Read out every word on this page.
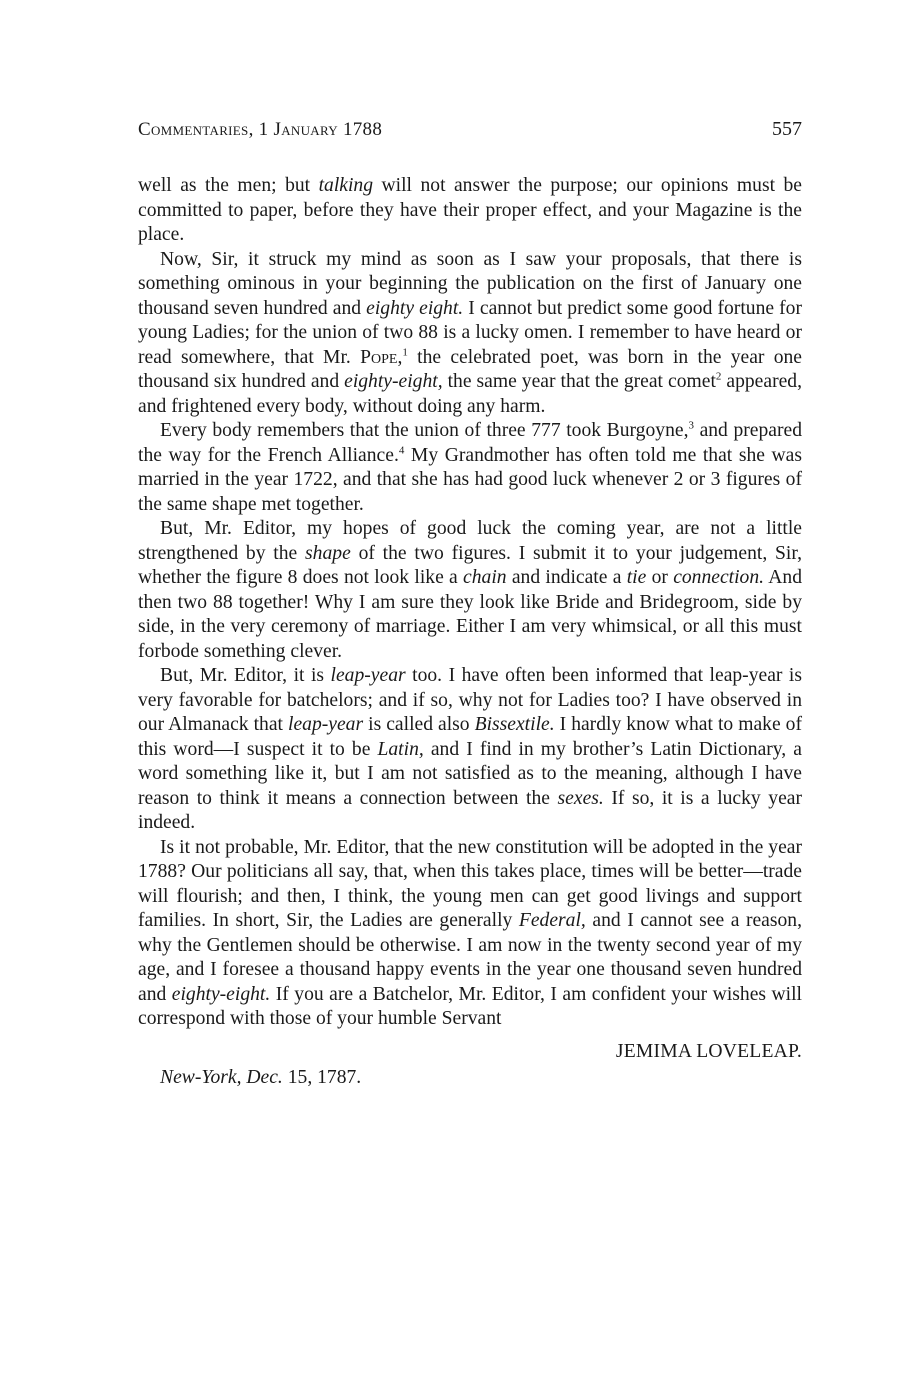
Commentaries, 1 January 1788	557

well as the men; but talking will not answer the purpose; our opinions must be committed to paper, before they have their proper effect, and your Magazine is the place.

Now, Sir, it struck my mind as soon as I saw your proposals, that there is something ominous in your beginning the publication on the first of January one thousand seven hundred and eighty eight. I cannot but predict some good fortune for young Ladies; for the union of two 88 is a lucky omen. I remember to have heard or read somewhere, that Mr. Pope,$^1$ the celebrated poet, was born in the year one thousand six hundred and eighty-eight, the same year that the great comet$^2$ appeared, and frightened every body, without doing any harm.

Every body remembers that the union of three 777 took Burgoyne,$^3$ and prepared the way for the French Alliance.$^4$ My Grandmother has often told me that she was married in the year 1722, and that she has had good luck whenever 2 or 3 figures of the same shape met together.

But, Mr. Editor, my hopes of good luck the coming year, are not a little strengthened by the shape of the two figures. I submit it to your judgement, Sir, whether the figure 8 does not look like a chain and indicate a tie or connection. And then two 88 together! Why I am sure they look like Bride and Bridegroom, side by side, in the very ceremony of marriage. Either I am very whimsical, or all this must forbode something clever.

But, Mr. Editor, it is leap-year too. I have often been informed that leap-year is very favorable for batchelors; and if so, why not for Ladies too? I have observed in our Almanack that leap-year is called also Bissextile. I hardly know what to make of this word—I suspect it to be Latin, and I find in my brother’s Latin Dictionary, a word something like it, but I am not satisfied as to the meaning, although I have reason to think it means a connection between the sexes. If so, it is a lucky year indeed.

Is it not probable, Mr. Editor, that the new constitution will be adopted in the year 1788? Our politicians all say, that, when this takes place, times will be better—trade will flourish; and then, I think, the young men can get good livings and support families. In short, Sir, the Ladies are generally Federal, and I cannot see a reason, why the Gentlemen should be otherwise. I am now in the twenty second year of my age, and I foresee a thousand happy events in the year one thousand seven hundred and eighty-eight. If you are a Batchelor, Mr. Editor, I am confident your wishes will correspond with those of your humble Servant

JEMIMA LOVELEAP.
New-York, Dec. 15, 1787.
